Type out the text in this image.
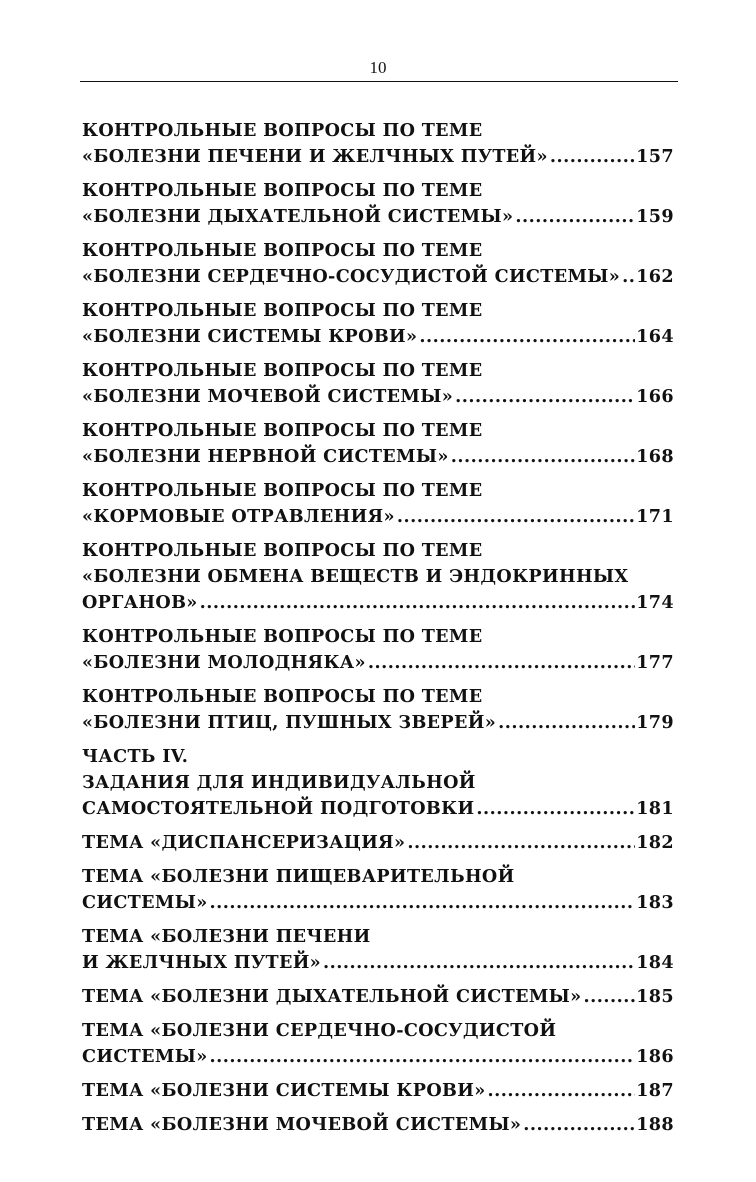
10
КОНТРОЛЬНЫЕ ВОПРОСЫ ПО ТЕМЕ
«БОЛЕЗНИ ПЕЧЕНИ И ЖЕЛЧНЫХ ПУТЕЙ» .....	157
КОНТРОЛЬНЫЕ ВОПРОСЫ ПО ТЕМЕ
«БОЛЕЗНИ ДЫХАТЕЛЬНОЙ СИСТЕМЫ» .....	159
КОНТРОЛЬНЫЕ ВОПРОСЫ ПО ТЕМЕ
«БОЛЕЗНИ СЕРДЕЧНО-СОСУДИСТОЙ СИСТЕМЫ» ..... 162
КОНТРОЛЬНЫЕ ВОПРОСЫ ПО ТЕМЕ
«БОЛЕЗНИ СИСТЕМЫ КРОВИ» .....	164
КОНТРОЛЬНЫЕ ВОПРОСЫ ПО ТЕМЕ
«БОЛЕЗНИ МОЧЕВОЙ СИСТЕМЫ» .....	166
КОНТРОЛЬНЫЕ ВОПРОСЫ ПО ТЕМЕ
«БОЛЕЗНИ НЕРВНОЙ СИСТЕМЫ» .....	168
КОНТРОЛЬНЫЕ ВОПРОСЫ ПО ТЕМЕ
«КОРМОВЫЕ ОТРАВЛЕНИЯ» .....	171
КОНТРОЛЬНЫЕ ВОПРОСЫ ПО ТЕМЕ
«БОЛЕЗНИ ОБМЕНА ВЕЩЕСТВ И ЭНДОКРИННЫХ
ОРГАНОВ» .....	174
КОНТРОЛЬНЫЕ ВОПРОСЫ ПО ТЕМЕ
«БОЛЕЗНИ МОЛОДНЯКА» .....	177
КОНТРОЛЬНЫЕ ВОПРОСЫ ПО ТЕМЕ
«БОЛЕЗНИ ПТИЦ, ПУШНЫХ ЗВЕРЕЙ» .....	179
ЧАСТЬ IV.
ЗАДАНИЯ ДЛЯ ИНДИВИДУАЛЬНОЙ
САМОСТОЯТЕЛЬНОЙ ПОДГОТОВКИ .....	181
ТЕМА «ДИСПАНСЕРИЗАЦИЯ» .....	182
ТЕМА «БОЛЕЗНИ ПИЩЕВАРИТЕЛЬНОЙ
СИСТЕМЫ» .....	183
ТЕМА «БОЛЕЗНИ ПЕЧЕНИ
И ЖЕЛЧНЫХ ПУТЕЙ» .....	184
ТЕМА «БОЛЕЗНИ ДЫХАТЕЛЬНОЙ СИСТЕМЫ» .....	185
ТЕМА «БОЛЕЗНИ СЕРДЕЧНО-СОСУДИСТОЙ
СИСТЕМЫ» .....	186
ТЕМА «БОЛЕЗНИ СИСТЕМЫ КРОВИ» .....	187
ТЕМА «БОЛЕЗНИ МОЧЕВОЙ СИСТЕМЫ» .....	188
